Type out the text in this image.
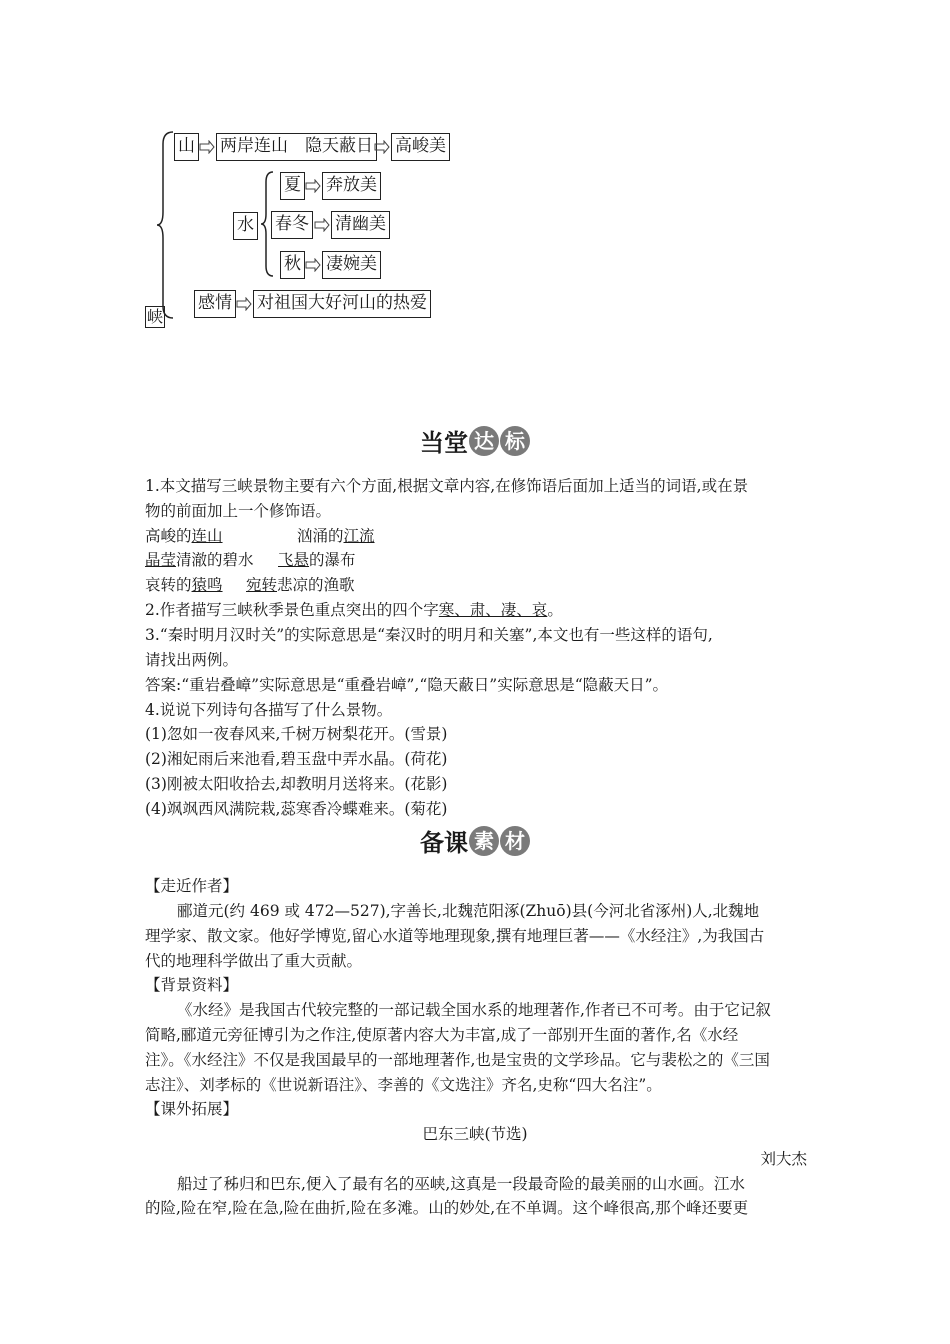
峡
山 两岸连山　隐天蔽日 高峻美
水
夏 奔放美
春冬 清幽美
秋 凄婉美
感情 对祖国大好河山的热爱
当堂 达 标
1.本文描写三峡景物主要有六个方面,根据文章内容,在修饰语后面加上适当的词语,或在景
物的前面加上一个修饰语。
高峻的连山	汹涌的江流
晶莹清澈的碧水 飞悬的瀑布
哀转的猿鸣 宛转悲凉的渔歌
2.作者描写三峡秋季景色重点突出的四个字寒、肃、凄、哀。
3.“秦时明月汉时关”的实际意思是“秦汉时的明月和关塞”,本文也有一些这样的语句,
请找出两例。
答案:“重岩叠嶂”实际意思是“重叠岩嶂”,“隐天蔽日”实际意思是“隐蔽天日”。
4.说说下列诗句各描写了什么景物。
(1)忽如一夜春风来,千树万树梨花开。(雪景)
(2)湘妃雨后来池看,碧玉盘中弄水晶。(荷花)
(3)刚被太阳收拾去,却教明月送将来。(花影)
(4)飒飒西风满院栽,蕊寒香冷蝶难来。(菊花)
备课 素 材
【走近作者】
郦道元(约 469 或 472—527),字善长,北魏范阳涿(Zhuō)县(今河北省涿州)人,北魏地
理学家、散文家。他好学博览,留心水道等地理现象,撰有地理巨著——《水经注》,为我国古
代的地理科学做出了重大贡献。
【背景资料】
《水经》是我国古代较完整的一部记载全国水系的地理著作,作者已不可考。由于它记叙
简略,郦道元旁征博引为之作注,使原著内容大为丰富,成了一部别开生面的著作,名《水经
注》。《水经注》不仅是我国最早的一部地理著作,也是宝贵的文学珍品。它与裴松之的《三国
志注》、刘孝标的《世说新语注》、李善的《文选注》齐名,史称“四大名注”。
【课外拓展】
巴东三峡(节选)
刘大杰
船过了秭归和巴东,便入了最有名的巫峡,这真是一段最奇险的最美丽的山水画。江水
的险,险在窄,险在急,险在曲折,险在多滩。山的妙处,在不单调。这个峰很高,那个峰还要更
